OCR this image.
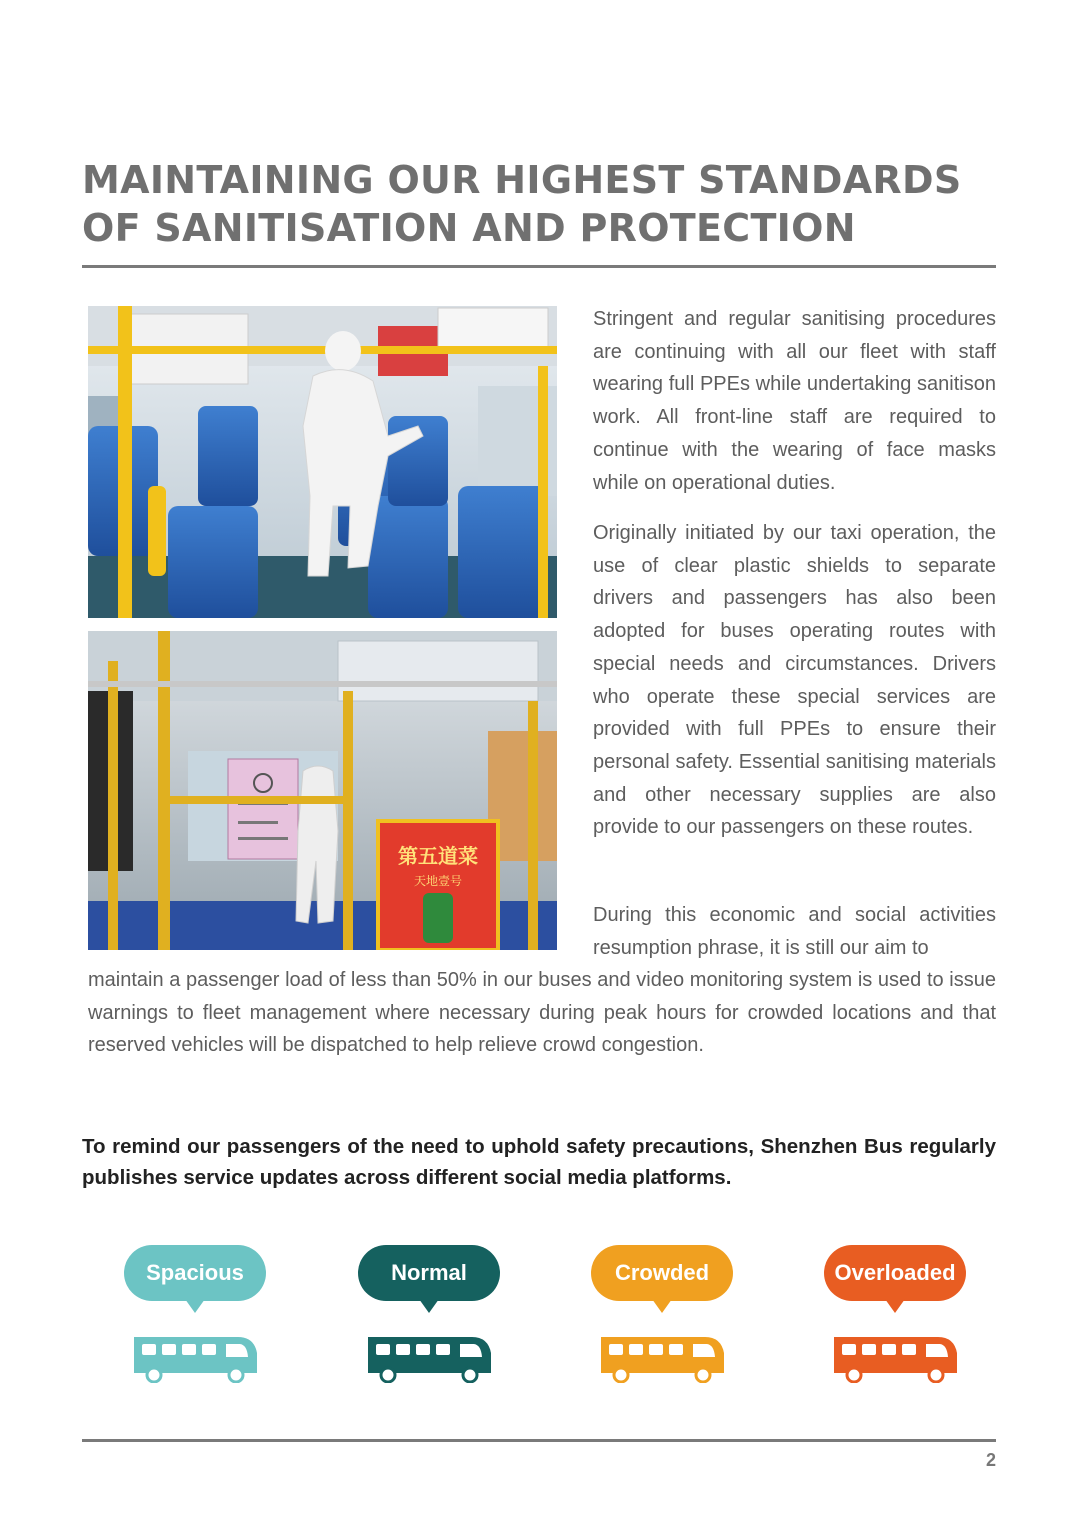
MAINTAINING OUR HIGHEST STANDARDS
OF SANITISATION AND PROTECTION
第五道菜
天地壹号

Stringent and regular sanitising procedures are continuing with all our fleet with staff wearing full PPEs while undertaking sanitison work. All front-line staff are required to continue with the wearing of face masks while on operational duties.

Originally initiated by our taxi operation, the use of clear plastic shields to separate drivers and passengers has also been adopted for buses operating routes with special needs and circumstances. Drivers who operate these special services are provided with full PPEs to ensure their personal safety. Essential sanitising materials and other necessary supplies are also provide to our passengers on these routes.

During this economic and social activities resumption phrase, it is still our aim to

maintain a passenger load of less than 50% in our buses and video monitoring system is used to issue warnings to fleet management where necessary during peak hours for crowded locations and that reserved vehicles will be dispatched to help relieve crowd congestion.

To remind our passengers of the need to uphold safety precautions, Shenzhen Bus regularly publishes service updates across different social media platforms.
Spacious	Normal	Crowded	Overloaded
2
